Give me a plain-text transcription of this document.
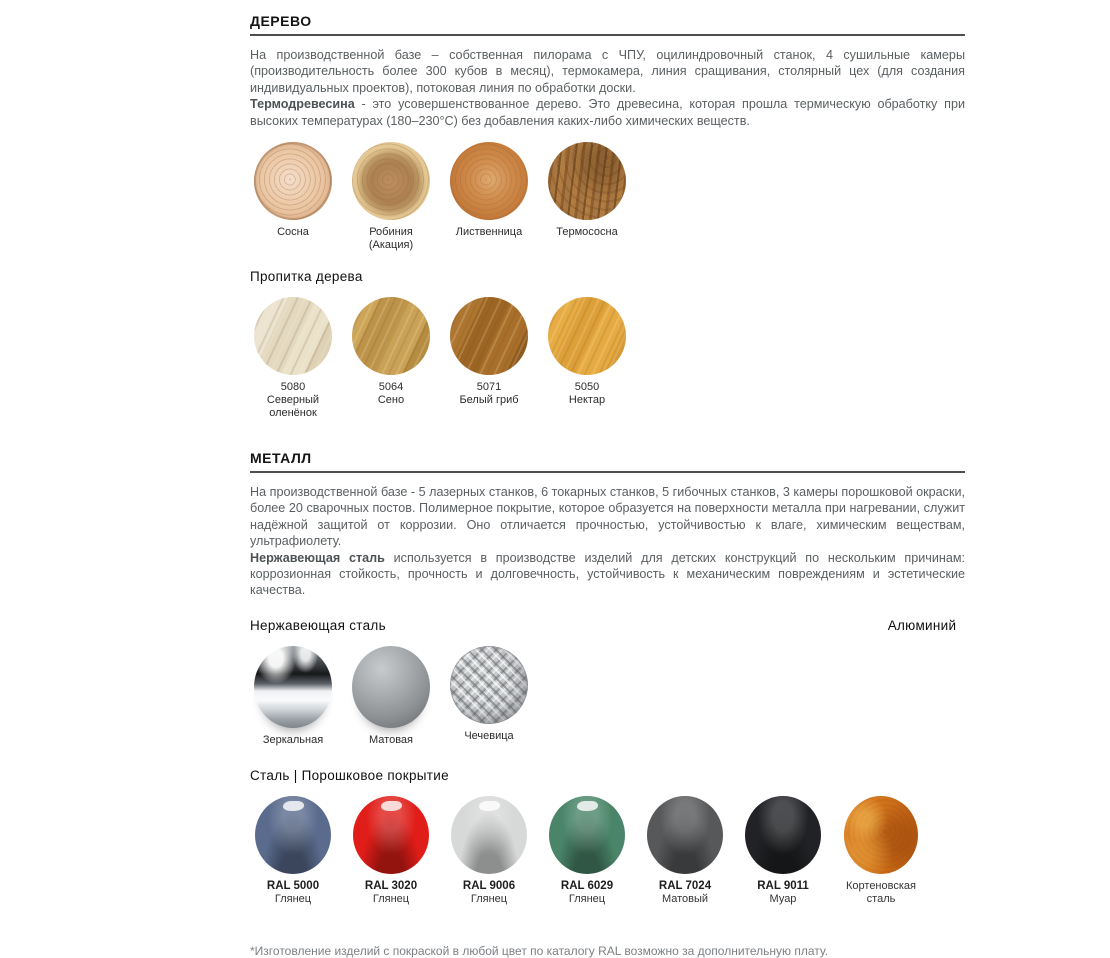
ДЕРЕВО

На производственной базе – собственная пилорама с ЧПУ, оцилиндровочный станок, 4 сушильные камеры (производительность более 300 кубов в месяц), термокамера, линия сращивания, столярный цех (для создания индивидуальных проектов), потоковая линия по обработки доски.

Термодревесина - это усовершенствованное дерево. Это древесина, которая прошла термическую обработку при высоких температурах (180–230°С) без добавления каких-либо химических веществ.

Сосна	Робиния (Акация)
Лиственница	Термососна
Пропитка дерева
5080
Северный оленёнок
5064
Сено
5071
Белый гриб
5050
Нектар
МЕТАЛЛ

На производственной базе - 5 лазерных станков, 6 токарных станков, 5 гибочных станков, 3 камеры порошковой окраски, более 20 сварочных постов. Полимерное покрытие, которое образуется на поверхности металла при нагревании, служит надёжной защитой от коррозии. Оно отличается прочностью, устойчивостью к влаге, химическим веществам, ультрафиолету.

Нержавеющая сталь используется в производстве изделий для детских конструкций по нескольким причинам: коррозионная стойкость, прочность и долговечность, устойчивость к механическим повреждениям и эстетические качества.

Нержавеющая сталь	Алюминий
Зеркальная	Матовая	Чечевица
Сталь | Порошковое покрытие
RAL 5000
Глянец
RAL 3020
Глянец
RAL 9006
Глянец
RAL 6029
Глянец
RAL 7024
Матовый
RAL 9011
Муар
Кортеновская сталь

*Изготовление изделий с покраской в любой цвет по каталогу RAL возможно за дополнительную плату.
